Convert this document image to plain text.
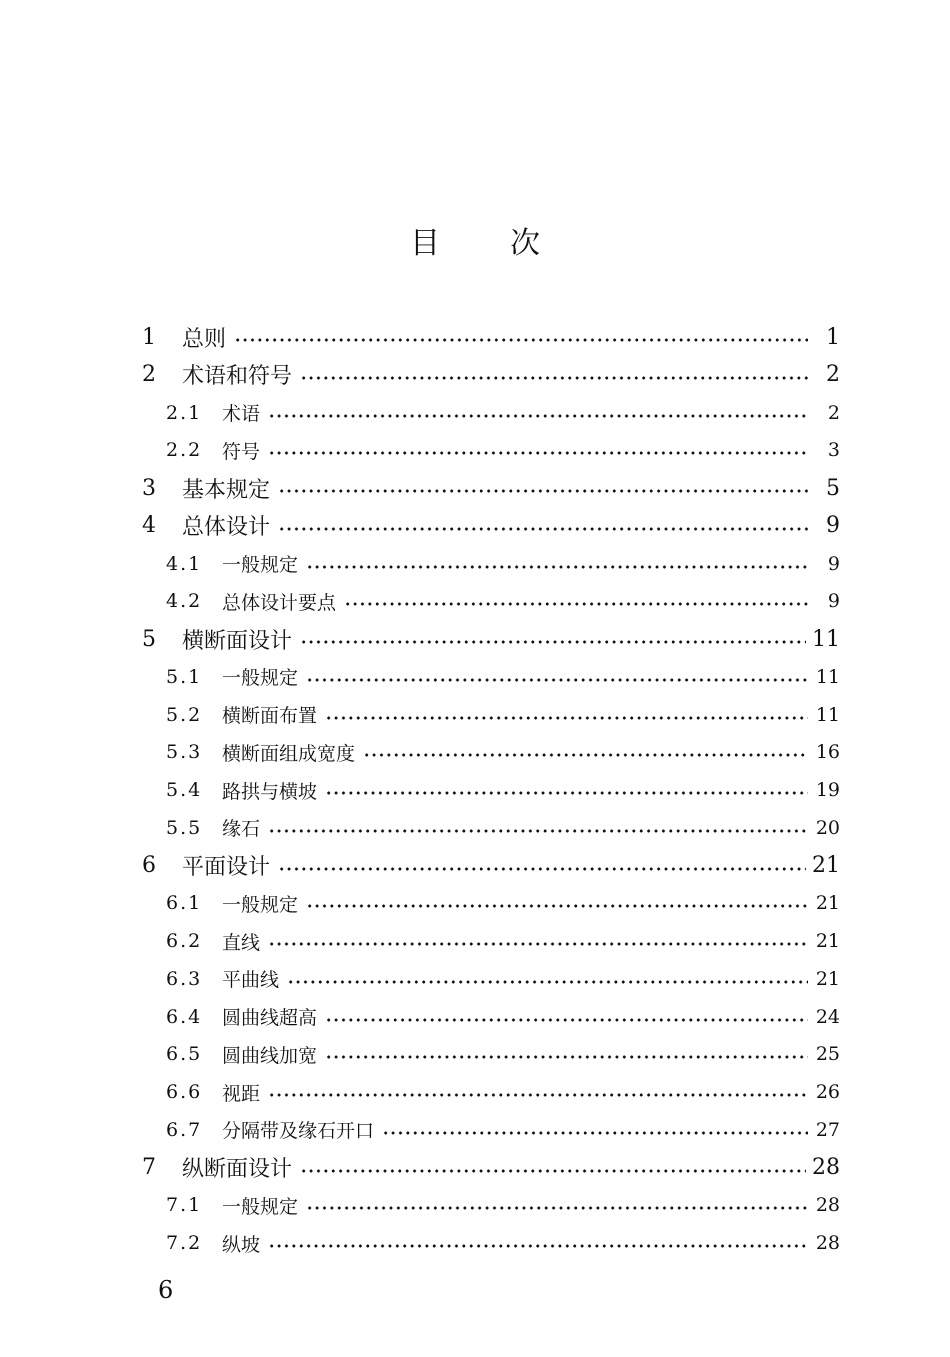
目 次
1	总则	1
2	术语和符号	2
2.1	术语	2
2.2	符号	3
3	基本规定	5
4	总体设计	9
4.1	一般规定	9
4.2	总体设计要点	9
5	横断面设计	11
5.1	一般规定	11
5.2	横断面布置	11
5.3	横断面组成宽度	16
5.4	路拱与横坡	19
5.5	缘石	20
6	平面设计	21
6.1	一般规定	21
6.2	直线	21
6.3	平曲线	21
6.4	圆曲线超高	24
6.5	圆曲线加宽	25
6.6	视距	26
6.7	分隔带及缘石开口	27
7	纵断面设计	28
7.1	一般规定	28
7.2	纵坡	28
6
